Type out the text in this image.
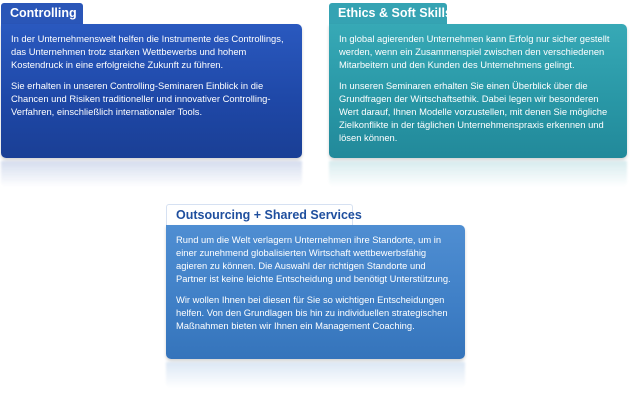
Controlling

In der Unternehmenswelt helfen die Instrumente des Controllings, das Unternehmen trotz starken Wettbewerbs und hohem Kostendruck in eine erfolgreiche Zukunft zu führen.

Sie erhalten in unseren Controlling-Seminaren Einblick in die Chancen und Risiken traditioneller und innovativer Controlling-Verfahren, einschließlich internationaler Tools.

Ethics & Soft Skills

In global agierenden Unternehmen kann Erfolg nur sicher gestellt werden, wenn ein Zusammenspiel zwischen den verschiedenen Mitarbeitern und den Kunden des Unternehmens gelingt.

In unseren Seminaren erhalten Sie einen Überblick über die Grundfragen der Wirtschaftsethik. Dabei legen wir besonderen Wert darauf, Ihnen Modelle vorzustellen, mit denen Sie mögliche Zielkonflikte in der täglichen Unternehmenspraxis erkennen und lösen können.

Outsourcing + Shared Services

Rund um die Welt verlagern Unternehmen ihre Standorte, um in einer zunehmend globalisierten Wirtschaft wettbewerbsfähig agieren zu können. Die Auswahl der richtigen Standorte und Partner ist keine leichte Entscheidung und benötigt Unterstützung.

Wir wollen Ihnen bei diesen für Sie so wichtigen Entscheidungen helfen. Von den Grundlagen bis hin zu individuellen strategischen Maßnahmen bieten wir Ihnen ein Management Coaching.
